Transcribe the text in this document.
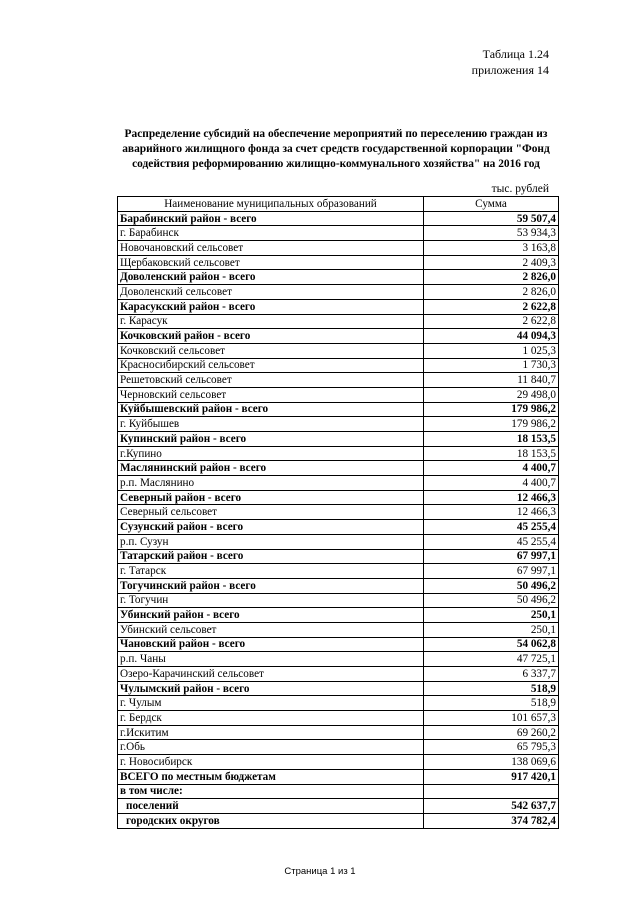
Таблица 1.24
приложения 14
Распределение субсидий на обеспечение мероприятий по переселению граждан из
аварийного жилищного фонда за счет средств государственной корпорации "Фонд
содействия реформированию жилищно-коммунального хозяйства" на 2016 год
тыс. рублей
Наименование муниципальных образований	Сумма
Барабинский район - всего	59 507,4
г. Барабинск	53 934,3
Новочановский сельсовет	3 163,8
Щербаковский сельсовет	2 409,3
Доволенский район - всего	2 826,0
Доволенский сельсовет	2 826,0
Карасукский район - всего	2 622,8
г. Карасук	2 622,8
Кочковский район - всего	44 094,3
Кочковский сельсовет	1 025,3
Красносибирский сельсовет	1 730,3
Решетовский сельсовет	11 840,7
Черновский сельсовет	29 498,0
Куйбышевский район - всего	179 986,2
г. Куйбышев	179 986,2
Купинский район - всего	18 153,5
г.Купино	18 153,5
Маслянинский район - всего	4 400,7
р.п. Маслянино	4 400,7
Северный район - всего	12 466,3
Северный сельсовет	12 466,3
Сузунский район - всего	45 255,4
р.п. Сузун	45 255,4
Татарский район - всего	67 997,1
г. Татарск	67 997,1
Тогучинский район - всего	50 496,2
г. Тогучин	50 496,2
Убинский район - всего	250,1
Убинский сельсовет	250,1
Чановский район - всего	54 062,8
р.п. Чаны	47 725,1
Озеро-Карачинский сельсовет	6 337,7
Чулымский район - всего	518,9
г. Чулым	518,9
г. Бердск	101 657,3
г.Искитим	69 260,2
г.Обь	65 795,3
г. Новосибирск	138 069,6
ВСЕГО по местным бюджетам	917 420,1
в том числе:	
поселений	542 637,7
городских округов	374 782,4
Страница 1 из 1
